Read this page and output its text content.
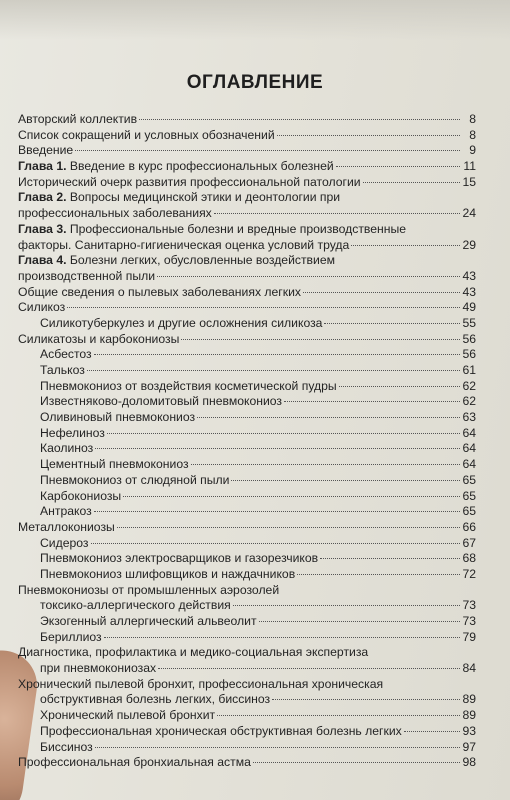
ОГЛАВЛЕНИЕ
Авторский коллектив	8
Список сокращений и условных обозначений	8
Введение	9
Глава 1. Введение в курс профессиональных болезней	11
Исторический очерк развития профессиональной патологии	15
Глава 2. Вопросы медицинской этики и деонтологии при
профессиональных заболеваниях	24
Глава 3. Профессиональные болезни и вредные производственные
факторы. Санитарно-гигиеническая оценка условий труда	29
Глава 4. Болезни легких, обусловленные воздействием
производственной пыли	43
Общие сведения о пылевых заболеваниях легких	43
Силикоз	49
Силикотуберкулез и другие осложнения силикоза	55
Силикатозы и карбокониозы	56
Асбестоз	56
Талькоз	61
Пневмокониоз от воздействия косметической пудры	62
Известняково-доломитовый пневмокониоз	62
Оливиновый пневмокониоз	63
Нефелиноз	64
Каолиноз	64
Цементный пневмокониоз	64
Пневмокониоз от слюдяной пыли	65
Карбокониозы	65
Антракоз	65
Металлокониозы	66
Сидероз	67
Пневмокониоз электросварщиков и газорезчиков	68
Пневмокониоз шлифовщиков и наждачников	72
Пневмокониозы от промышленных аэрозолей
токсико-аллергического действия	73
Экзогенный аллергический альвеолит	73
Бериллиоз	79
Диагностика, профилактика и медико-социальная экспертиза
при пневмокониозах	84
Хронический пылевой бронхит, профессиональная хроническая
обструктивная болезнь легких, биссиноз	89
Хронический пылевой бронхит	89
Профессиональная хроническая обструктивная болезнь легких	93
Биссиноз	97
Профессиональная бронхиальная астма	98
